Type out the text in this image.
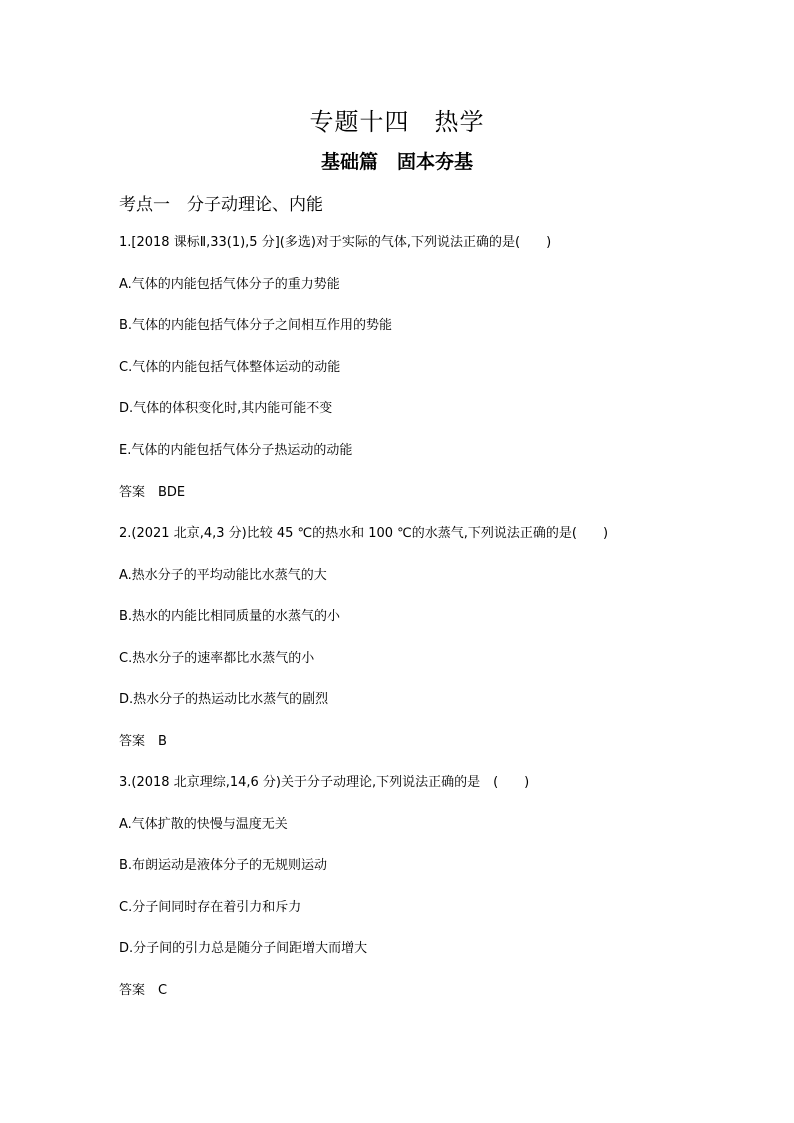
专题十四　热学
基础篇　固本夯基
考点一　分子动理论、内能
1.[2018 课标Ⅱ,33(1),5 分](多选)对于实际的气体,下列说法正确的是(　　)
A.气体的内能包括气体分子的重力势能
B.气体的内能包括气体分子之间相互作用的势能
C.气体的内能包括气体整体运动的动能
D.气体的体积变化时,其内能可能不变
E.气体的内能包括气体分子热运动的动能
答案　BDE
2.(2021 北京,4,3 分)比较 45 ℃的热水和 100 ℃的水蒸气,下列说法正确的是(　　)
A.热水分子的平均动能比水蒸气的大
B.热水的内能比相同质量的水蒸气的小
C.热水分子的速率都比水蒸气的小
D.热水分子的热运动比水蒸气的剧烈
答案　B
3.(2018 北京理综,14,6 分)关于分子动理论,下列说法正确的是　(　　)
A.气体扩散的快慢与温度无关
B.布朗运动是液体分子的无规则运动
C.分子间同时存在着引力和斥力
D.分子间的引力总是随分子间距增大而增大
答案　C
